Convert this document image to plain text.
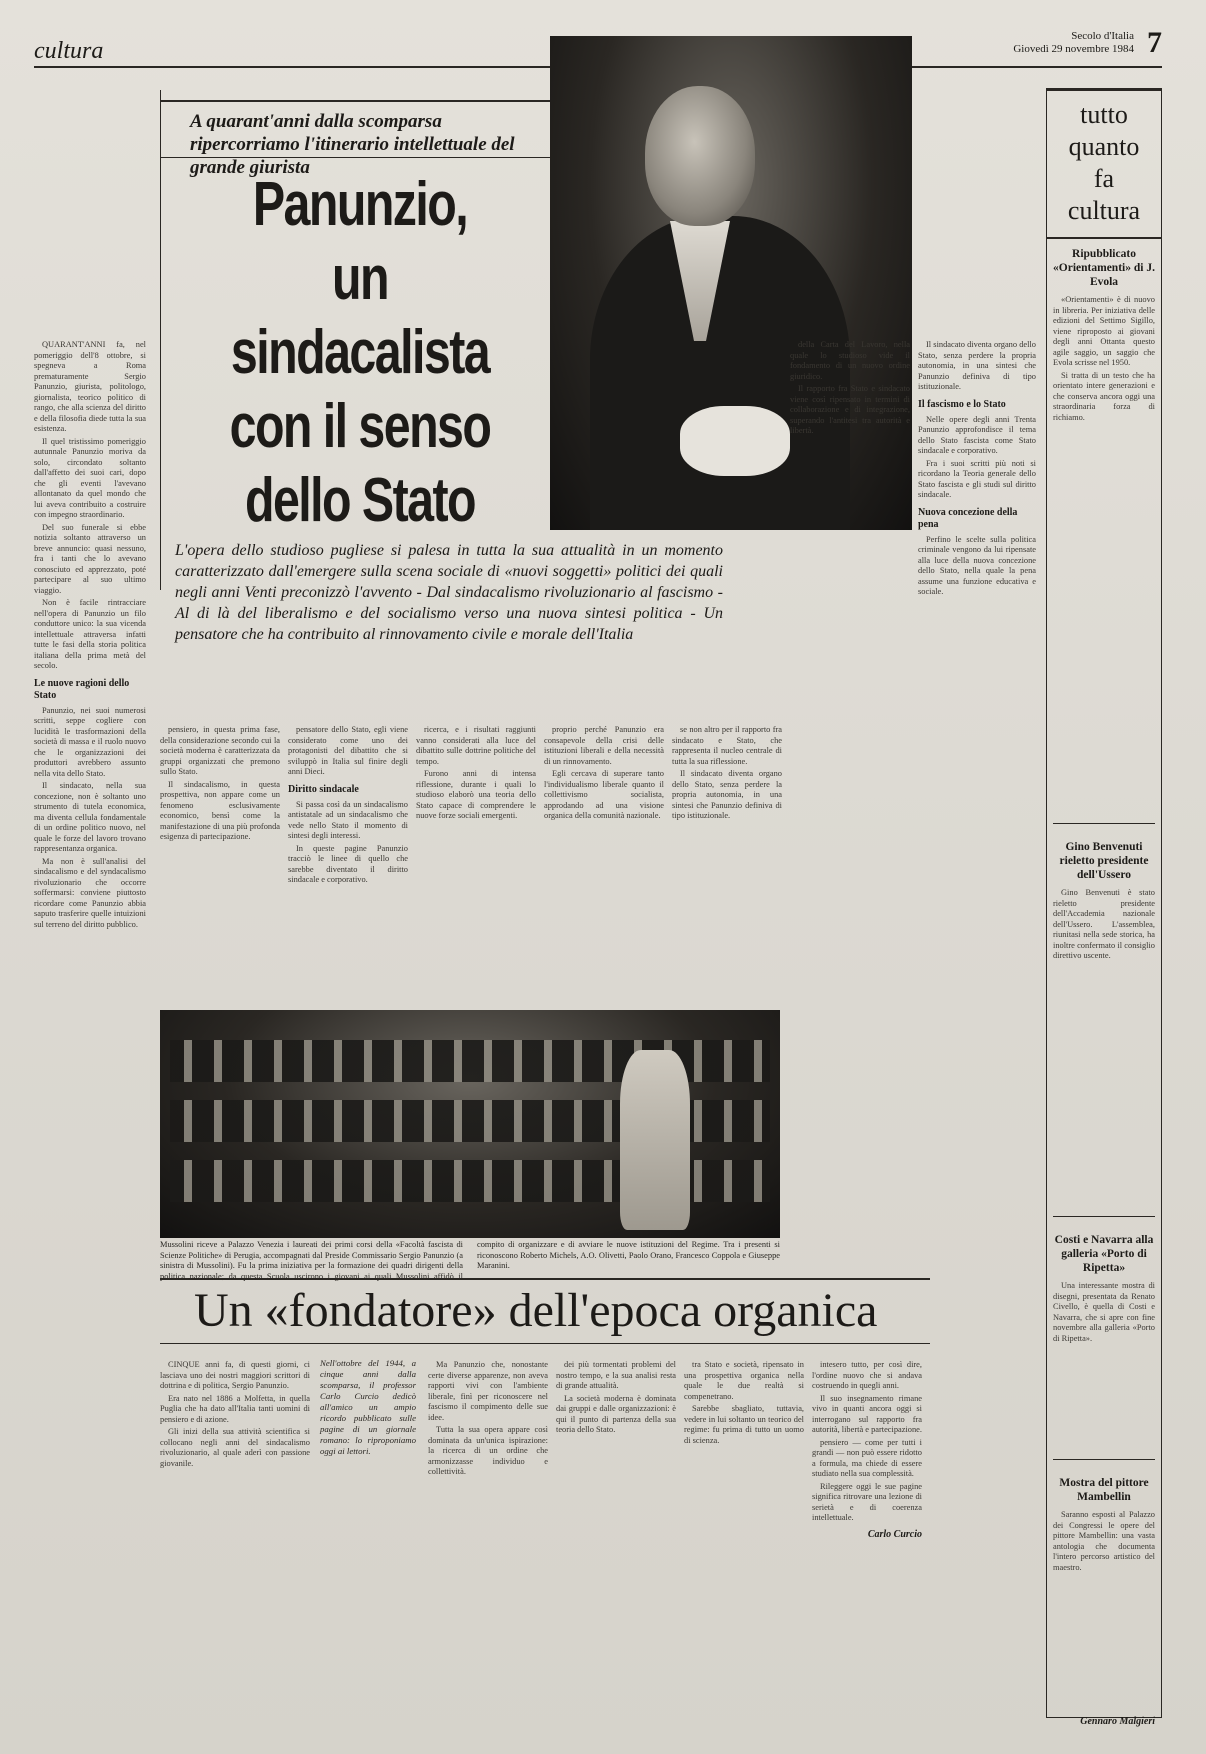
cultura
Secolo d'Italia
Giovedì 29 novembre 1984 7

QUARANT'ANNI fa, nel pomeriggio dell'8 ottobre, si spegneva a Roma prematuramente Sergio Panunzio, giurista, politologo, giornalista, teorico politico di rango, che alla scienza del diritto e della filosofia diede tutta la sua esistenza.

Il quel tristissimo pomeriggio autunnale Panunzio moriva da solo, circondato soltanto dall'affetto dei suoi cari, dopo che gli eventi l'avevano allontanato da quel mondo che lui aveva contribuito a costruire con impegno straordinario.

Del suo funerale si ebbe notizia soltanto attraverso un breve annuncio: quasi nessuno, fra i tanti che lo avevano conosciuto ed apprezzato, poté partecipare al suo ultimo viaggio.

Non è facile rintracciare nell'opera di Panunzio un filo conduttore unico: la sua vicenda intellettuale attraversa infatti tutte le fasi della storia politica italiana della prima metà del secolo.

Le nuove ragioni dello Stato

Panunzio, nei suoi numerosi scritti, seppe cogliere con lucidità le trasformazioni della società di massa e il ruolo nuovo che le organizzazioni dei produttori avrebbero assunto nella vita dello Stato.

Il sindacato, nella sua concezione, non è soltanto uno strumento di tutela economica, ma diventa cellula fondamentale di un ordine politico nuovo, nel quale le forze del lavoro trovano rappresentanza organica.

Ma non è sull'analisi del sindacalismo e del syndacalismo rivoluzionario che occorre soffermarsi: conviene piuttosto ricordare come Panunzio abbia saputo trasferire quelle intuizioni sul terreno del diritto pubblico.

A quarant'anni dalla scomparsa ripercorriamo l'itinerario intellettuale del grande giurista
Panunzio,
un sindacalista
con il senso
dello Stato
L'opera dello studioso pugliese si palesa in tutta la sua attualità in un momento caratterizzato dall'emergere sulla scena sociale di «nuovi soggetti» politici dei quali negli anni Venti preconizzò l'avvento - Dal sindacalismo rivoluzionario al fascismo - Al di là del liberalismo e del socialismo verso una nuova sintesi politica - Un pensatore che ha contribuito al rinnovamento civile e morale dell'Italia

pensiero, in questa prima fase, della considerazione secondo cui la società moderna è caratterizzata da gruppi organizzati che premono sullo Stato.

Il sindacalismo, in questa prospettiva, non appare come un fenomeno esclusivamente economico, bensì come la manifestazione di una più profonda esigenza di partecipazione.

pensatore dello Stato, egli viene considerato come uno dei protagonisti del dibattito che si sviluppò in Italia sul finire degli anni Dieci.

Diritto sindacale

Si passa così da un sindacalismo antistatale ad un sindacalismo che vede nello Stato il momento di sintesi degli interessi.

In queste pagine Panunzio tracciò le linee di quello che sarebbe diventato il diritto sindacale e corporativo.

ricerca, e i risultati raggiunti vanno considerati alla luce del dibattito sulle dottrine politiche del tempo.

Furono anni di intensa riflessione, durante i quali lo studioso elaborò una teoria dello Stato capace di comprendere le nuove forze sociali emergenti.

proprio perché Panunzio era consapevole della crisi delle istituzioni liberali e della necessità di un rinnovamento.

Egli cercava di superare tanto l'individualismo liberale quanto il collettivismo socialista, approdando ad una visione organica della comunità nazionale.

se non altro per il rapporto fra sindacato e Stato, che rappresenta il nucleo centrale di tutta la sua riflessione.

Il sindacato diventa organo dello Stato, senza perdere la propria autonomia, in una sintesi che Panunzio definiva di tipo istituzionale.

della Carta del Lavoro, nella quale lo studioso vide il fondamento di un nuovo ordine giuridico.

Il rapporto fra Stato e sindacato viene così ripensato in termini di collaborazione e di integrazione, superando l'antitesi tra autorità e libertà.

Il sindacato diventa organo dello Stato, senza perdere la propria autonomia, in una sintesi che Panunzio definiva di tipo istituzionale.

Il fascismo e lo Stato

Nelle opere degli anni Trenta Panunzio approfondisce il tema dello Stato fascista come Stato sindacale e corporativo.

Fra i suoi scritti più noti si ricordano la Teoria generale dello Stato fascista e gli studi sul diritto sindacale.

Nuova concezione della pena

Perfino le scelte sulla politica criminale vengono da lui ripensate alla luce della nuova concezione dello Stato, nella quale la pena assume una funzione educativa e sociale.

Mussolini riceve a Palazzo Venezia i laureati dei primi corsi della «Facoltà fascista di Scienze Politiche» di Perugia, accompagnati dal Preside Commissario Sergio Panunzio (a sinistra di Mussolini). Fu la prima iniziativa per la formazione dei quadri dirigenti della politica nazionale; da questa Scuola uscirono i giovani ai quali Mussolini affidò il compito di organizzare e di avviare le nuove istituzioni del Regime. Tra i presenti si riconoscono Roberto Michels, A.O. Olivetti, Paolo Orano, Francesco Coppola e Giuseppe Maranini.
Un «fondatore» dell'epoca organica

CINQUE anni fa, di questi giorni, ci lasciava uno dei nostri maggiori scrittori di dottrina e di politica, Sergio Panunzio.

Era nato nel 1886 a Molfetta, in quella Puglia che ha dato all'Italia tanti uomini di pensiero e di azione.

Gli inizi della sua attività scientifica si collocano negli anni del sindacalismo rivoluzionario, al quale aderì con passione giovanile.

Nell'ottobre del 1944, a cinque anni dalla scomparsa, il professor Carlo Curcio dedicò all'amico un ampio ricordo pubblicato sulle pagine di un giornale romano: lo riproponiamo oggi ai lettori.

Ma Panunzio che, nonostante certe diverse apparenze, non aveva rapporti vivi con l'ambiente liberale, finì per riconoscere nel fascismo il compimento delle sue idee.

Tutta la sua opera appare così dominata da un'unica ispirazione: la ricerca di un ordine che armonizzasse individuo e collettività.

dei più tormentati problemi del nostro tempo, e la sua analisi resta di grande attualità.

La società moderna è dominata dai gruppi e dalle organizzazioni: è qui il punto di partenza della sua teoria dello Stato.

tra Stato e società, ripensato in una prospettiva organica nella quale le due realtà si compenetrano.

Sarebbe sbagliato, tuttavia, vedere in lui soltanto un teorico del regime: fu prima di tutto un uomo di scienza.

intesero tutto, per così dire, l'ordine nuovo che si andava costruendo in quegli anni.

Il suo insegnamento rimane vivo in quanti ancora oggi si interrogano sul rapporto fra autorità, libertà e partecipazione.

pensiero — come per tutti i grandi — non può essere ridotto a formula, ma chiede di essere studiato nella sua complessità.

Rileggere oggi le sue pagine significa ritrovare una lezione di serietà e di coerenza intellettuale.

Carlo Curcio
tutto
quanto
fa
cultura
Ripubblicato «Orientamenti» di J. Evola

«Orientamenti» è di nuovo in libreria. Per iniziativa delle edizioni del Settimo Sigillo, viene riproposto ai giovani degli anni Ottanta questo agile saggio, un saggio che Evola scrisse nel 1950.

Si tratta di un testo che ha orientato intere generazioni e che conserva ancora oggi una straordinaria forza di richiamo.

Gino Benvenuti rieletto presidente dell'Ussero

Gino Benvenuti è stato rieletto presidente dell'Accademia nazionale dell'Ussero. L'assemblea, riunitasi nella sede storica, ha inoltre confermato il consiglio direttivo uscente.

Costi e Navarra alla galleria «Porto di Ripetta»

Una interessante mostra di disegni, presentata da Renato Civello, è quella di Costi e Navarra, che si apre con fine novembre alla galleria «Porto di Ripetta».

Mostra del pittore Mambellin

Saranno esposti al Palazzo dei Congressi le opere del pittore Mambellin: una vasta antologia che documenta l'intero percorso artistico del maestro.

Gennaro Malgieri
